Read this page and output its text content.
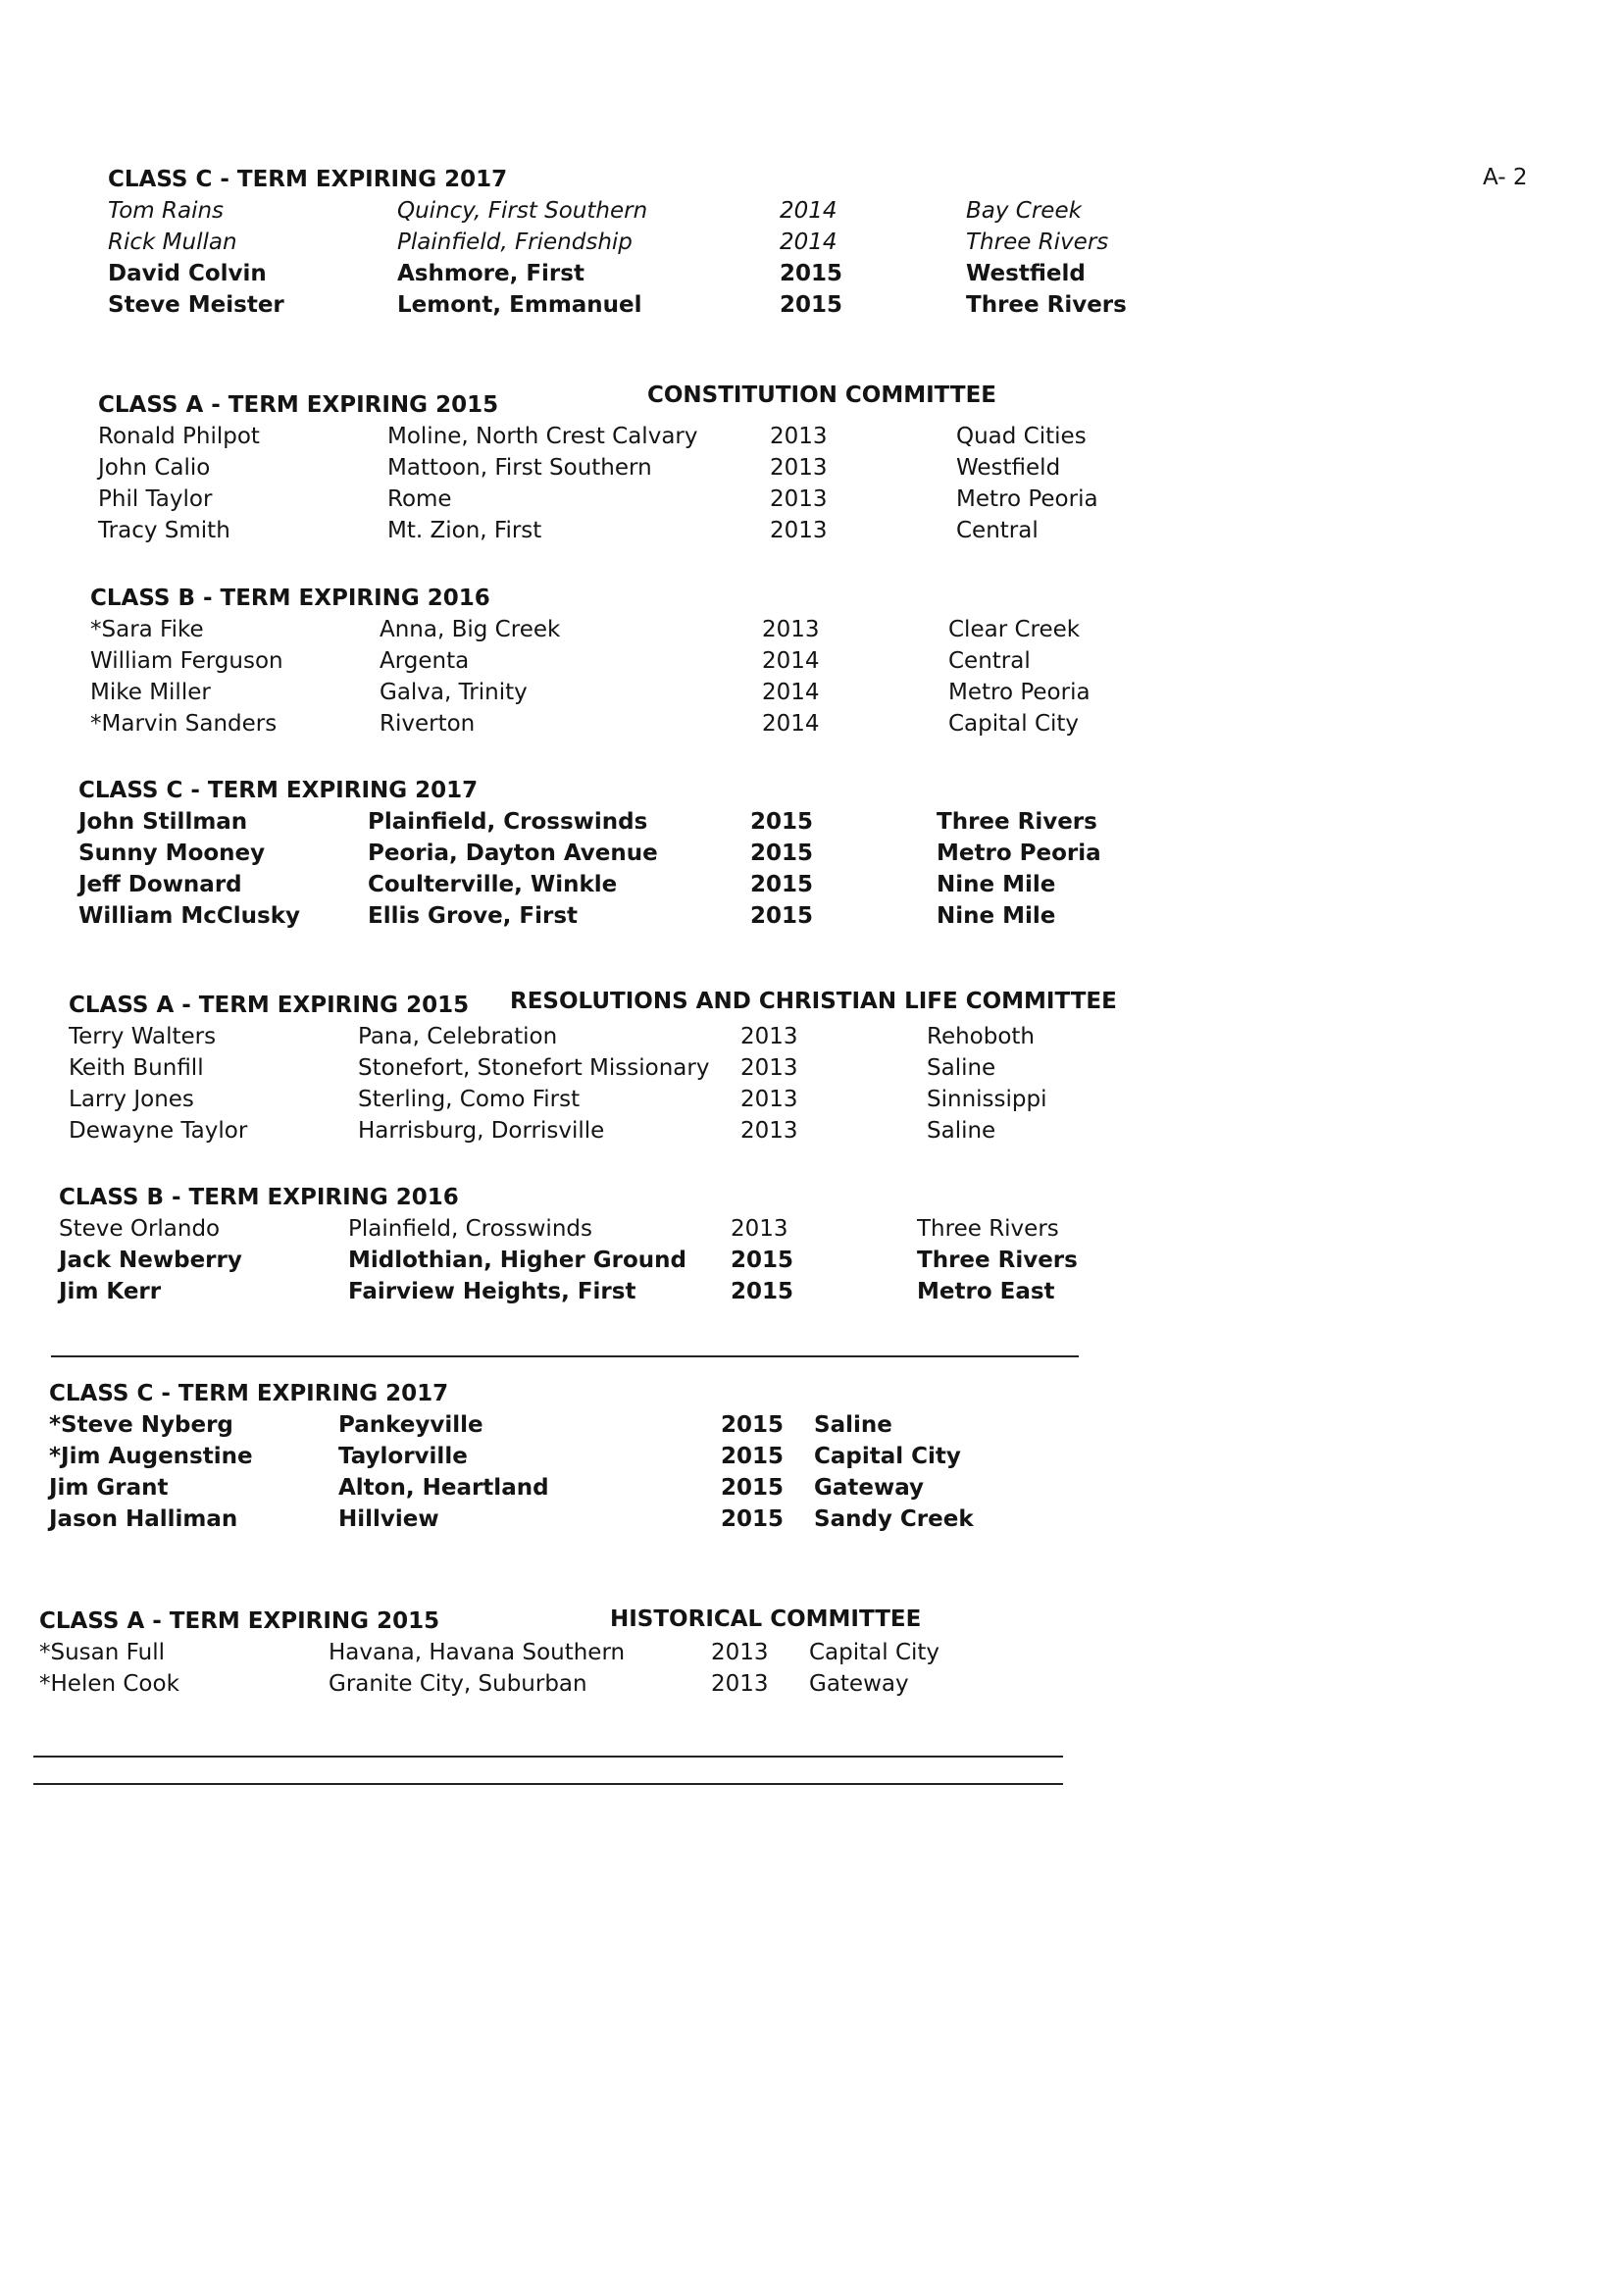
A- 2
CLASS C - TERM EXPIRING 2017
Tom Rains	Quincy, First Southern	2014	Bay Creek
Rick Mullan	Plainfield, Friendship	2014	Three Rivers
David Colvin	Ashmore, First	2015	Westfield
Steve Meister	Lemont, Emmanuel	2015	Three Rivers
CONSTITUTION COMMITTEE
CLASS A - TERM EXPIRING 2015
Ronald Philpot	Moline, North Crest Calvary	2013	Quad Cities
John Calio	Mattoon, First Southern	2013	Westfield
Phil Taylor	Rome	2013	Metro Peoria
Tracy Smith	Mt. Zion, First	2013	Central
CLASS B - TERM EXPIRING 2016
*Sara Fike	Anna, Big Creek	2013	Clear Creek
William Ferguson	Argenta	2014	Central
Mike Miller	Galva, Trinity	2014	Metro Peoria
*Marvin Sanders	Riverton	2014	Capital City
CLASS C - TERM EXPIRING 2017
John Stillman	Plainfield, Crosswinds	2015	Three Rivers
Sunny Mooney	Peoria, Dayton Avenue	2015	Metro Peoria
Jeff Downard	Coulterville, Winkle	2015	Nine Mile
William McClusky	Ellis Grove, First	2015	Nine Mile
RESOLUTIONS AND CHRISTIAN LIFE COMMITTEE
CLASS A - TERM EXPIRING 2015
Terry Walters	Pana, Celebration	2013	Rehoboth
Keith Bunfill	Stonefort, Stonefort Missionary	2013	Saline
Larry Jones	Sterling, Como First	2013	Sinnissippi
Dewayne Taylor	Harrisburg, Dorrisville	2013	Saline
CLASS B - TERM EXPIRING 2016
Steve Orlando	Plainfield, Crosswinds	2013	Three Rivers
Jack Newberry	Midlothian, Higher Ground	2015	Three Rivers
Jim Kerr	Fairview Heights, First	2015	Metro East
CLASS C - TERM EXPIRING 2017
*Steve Nyberg	Pankeyville	2015	Saline
*Jim Augenstine	Taylorville	2015	Capital City
Jim Grant	Alton, Heartland	2015	Gateway
Jason Halliman	Hillview	2015	Sandy Creek
HISTORICAL COMMITTEE
CLASS A - TERM EXPIRING 2015
*Susan Full	Havana, Havana Southern	2013	Capital City
*Helen Cook	Granite City, Suburban	2013	Gateway
